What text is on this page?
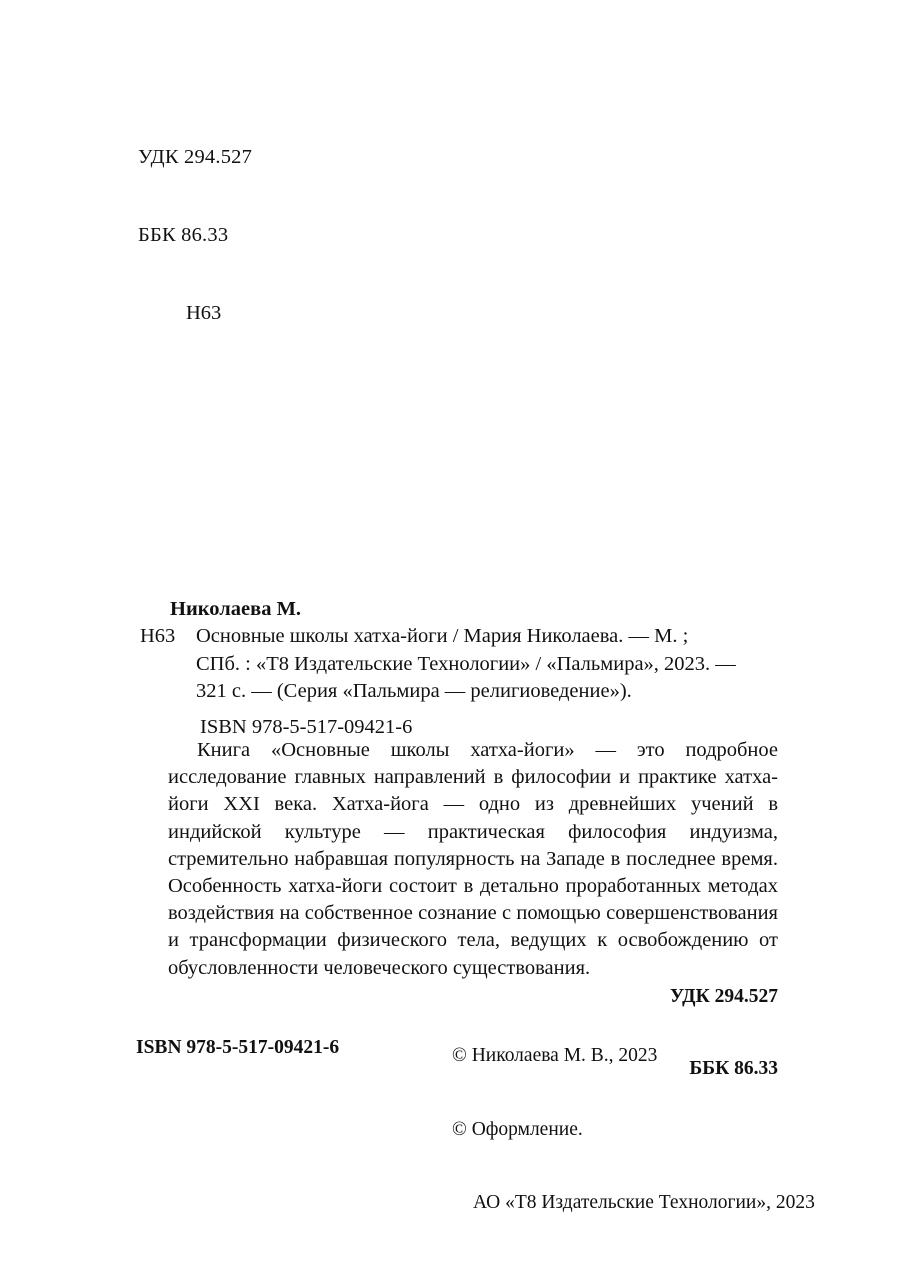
УДК 294.527

ББК 86.33

Н63

Николаева М.
Н63	Основные школы хатха-йоги / Мария Николаева. — М. ;
СПб. : «Т8 Издательские Технологии» / «Пальмира», 2023. —
321 с. — (Серия «Пальмира — религиоведение»).
ISBN 978-5-517-09421-6
Книга «Основные школы хатха-йоги» — это подробное исследование главных направлений в философии и практике хатха-йоги XXI века. Хатха-йога — одно из древнейших учений в индийской культуре — практическая философия индуизма, стремительно набравшая популярность на Западе в последнее время. Особенность хатха-йоги состоит в детально проработанных методах воздействия на собственное сознание с помощью совершенствования и трансформации физического тела, ведущих к освобождению от обусловленности человеческого существования.

УДК 294.527

ББК 86.33

© Николаева М. В., 2023

© Оформление.

АО «Т8 Издательские Технологии», 2023

ISBN 978-5-517-09421-6
